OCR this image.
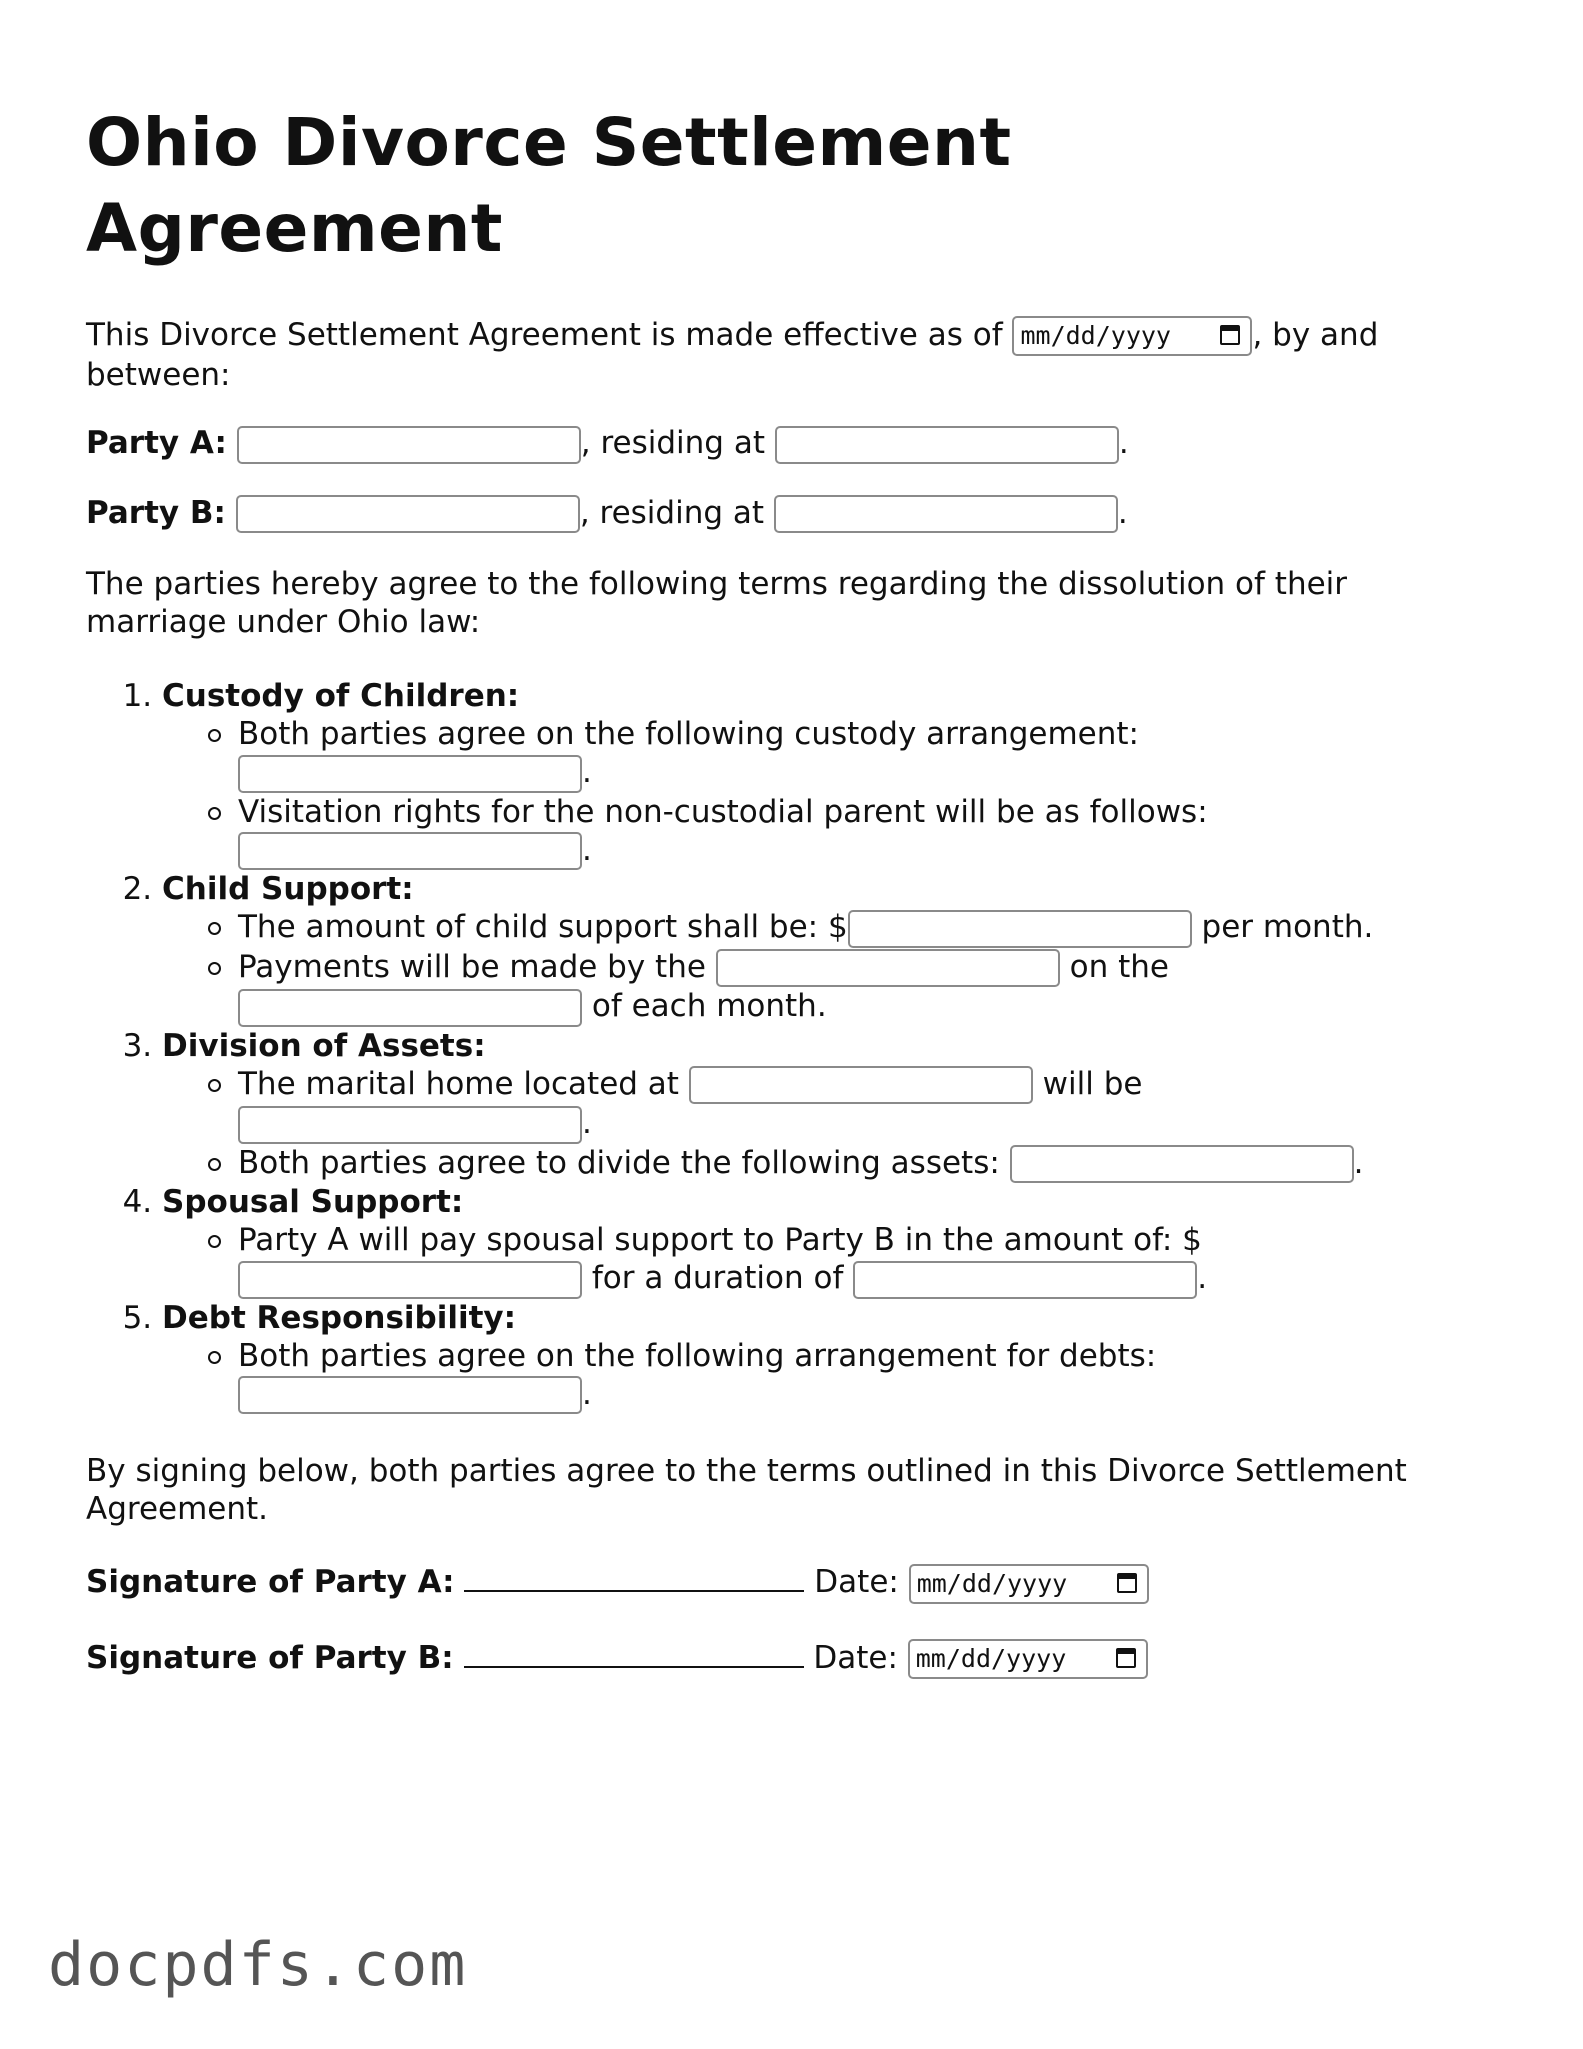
Ohio Divorce Settlement Agreement

This Divorce Settlement Agreement is made effective as of mm/dd/yyyy	, by and between:

Party A:	, residing at	.

Party B:	, residing at	.

The parties hereby agree to the following terms regarding the dissolution of their marriage under Ohio law:

1. Custody of Children:
Both parties agree on the following custody arrangement: .
Visitation rights for the non-custodial parent will be as follows: .
2. Child Support:
The amount of child support shall be: $	per month.
Payments will be made by the	on the  of each month.
3. Division of Assets:
The marital home located at	will be .
Both parties agree to divide the following assets:	.
4. Spousal Support:
Party A will pay spousal support to Party B in the amount of: $  for a duration of	.
5. Debt Responsibility:
Both parties agree on the following arrangement for debts: .

By signing below, both parties agree to the terms outlined in this Divorce Settlement Agreement.

Signature of Party A:	Date: mm/dd/yyyy

Signature of Party B:	Date: mm/dd/yyyy

docpdfs.com
